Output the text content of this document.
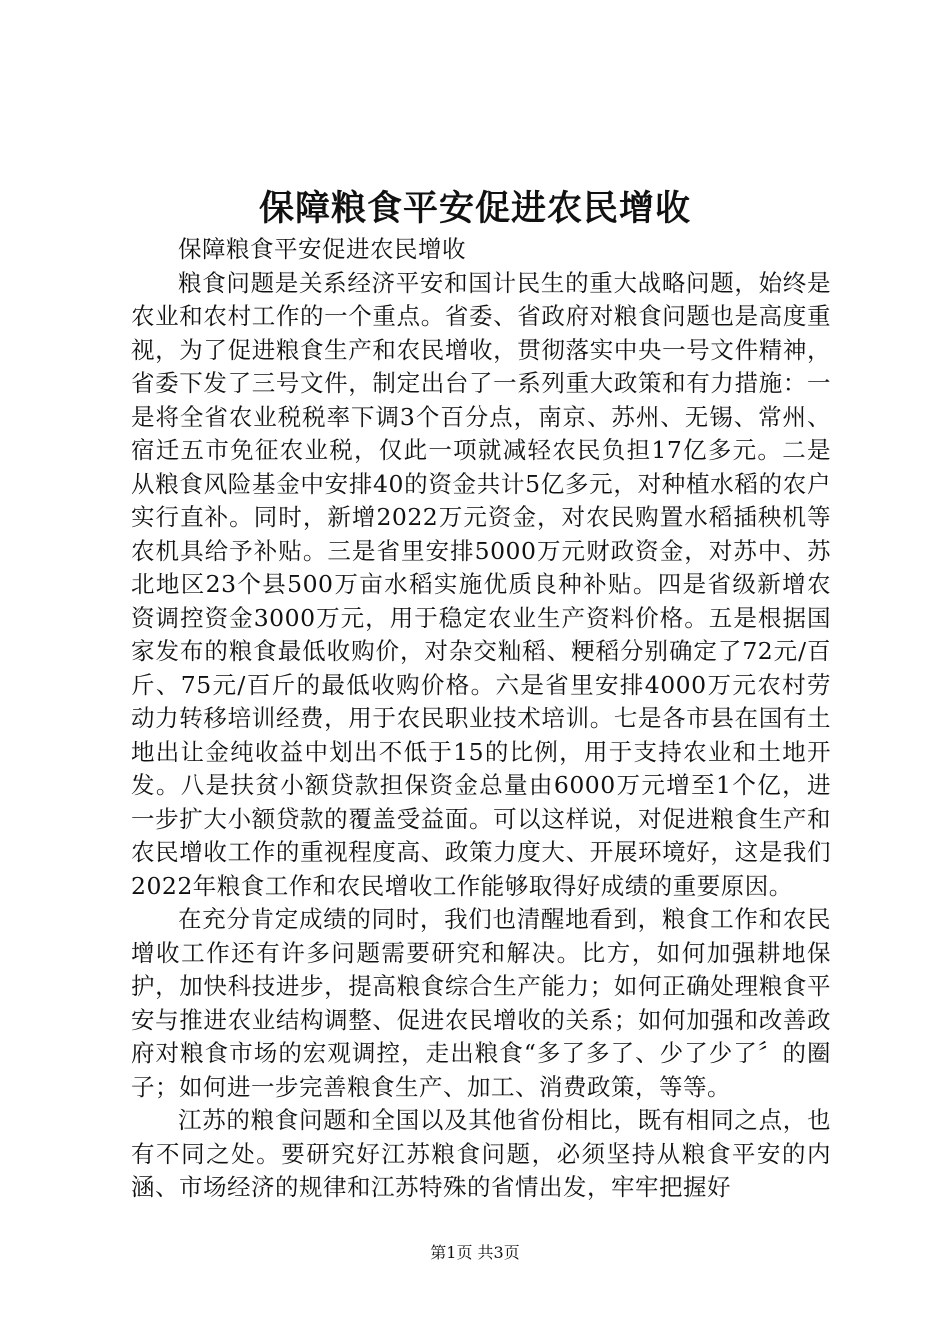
保障粮食平安促进农民增收

保障粮食平安促进农民增收

粮食问题是关系经济平安和国计民生的重大战略问题，始终是农业和农村工作的一个重点。省委、省政府对粮食问题也是高度重视，为了促进粮食生产和农民增收，贯彻落实中央一号文件精神，省委下发了三号文件，制定出台了一系列重大政策和有力措施：一是将全省农业税税率下调3个百分点，南京、苏州、无锡、常州、宿迁五市免征农业税，仅此一项就减轻农民负担17亿多元。二是从粮食风险基金中安排40的资金共计5亿多元，对种植水稻的农户实行直补。同时，新增2022万元资金，对农民购置水稻插秧机等农机具给予补贴。三是省里安排5000万元财政资金，对苏中、苏北地区23个县500万亩水稻实施优质良种补贴。四是省级新增农资调控资金3000万元，用于稳定农业生产资料价格。五是根据国家发布的粮食最低收购价，对杂交籼稻、粳稻分别确定了72元/百斤、75元/百斤的最低收购价格。六是省里安排4000万元农村劳动力转移培训经费，用于农民职业技术培训。七是各市县在国有土地出让金纯收益中划出不低于15的比例，用于支持农业和土地开发。八是扶贫小额贷款担保资金总量由6000万元增至1个亿，进一步扩大小额贷款的覆盖受益面。可以这样说，对促进粮食生产和农民增收工作的重视程度高、政策力度大、开展环境好，这是我们2022年粮食工作和农民增收工作能够取得好成绩的重要原因。

在充分肯定成绩的同时，我们也清醒地看到，粮食工作和农民增收工作还有许多问题需要研究和解决。比方，如何加强耕地保护，加快科技进步，提高粮食综合生产能力；如何正确处理粮食平安与推进农业结构调整、促进农民增收的关系；如何加强和改善政府对粮食市场的宏观调控，走出粮食“多了多了、少了少了〞的圈子；如何进一步完善粮食生产、加工、消费政策，等等。

江苏的粮食问题和全国以及其他省份相比，既有相同之点，也有不同之处。要研究好江苏粮食问题，必须坚持从粮食平安的内涵、市场经济的规律和江苏特殊的省情出发，牢牢把握好

第1页 共3页
